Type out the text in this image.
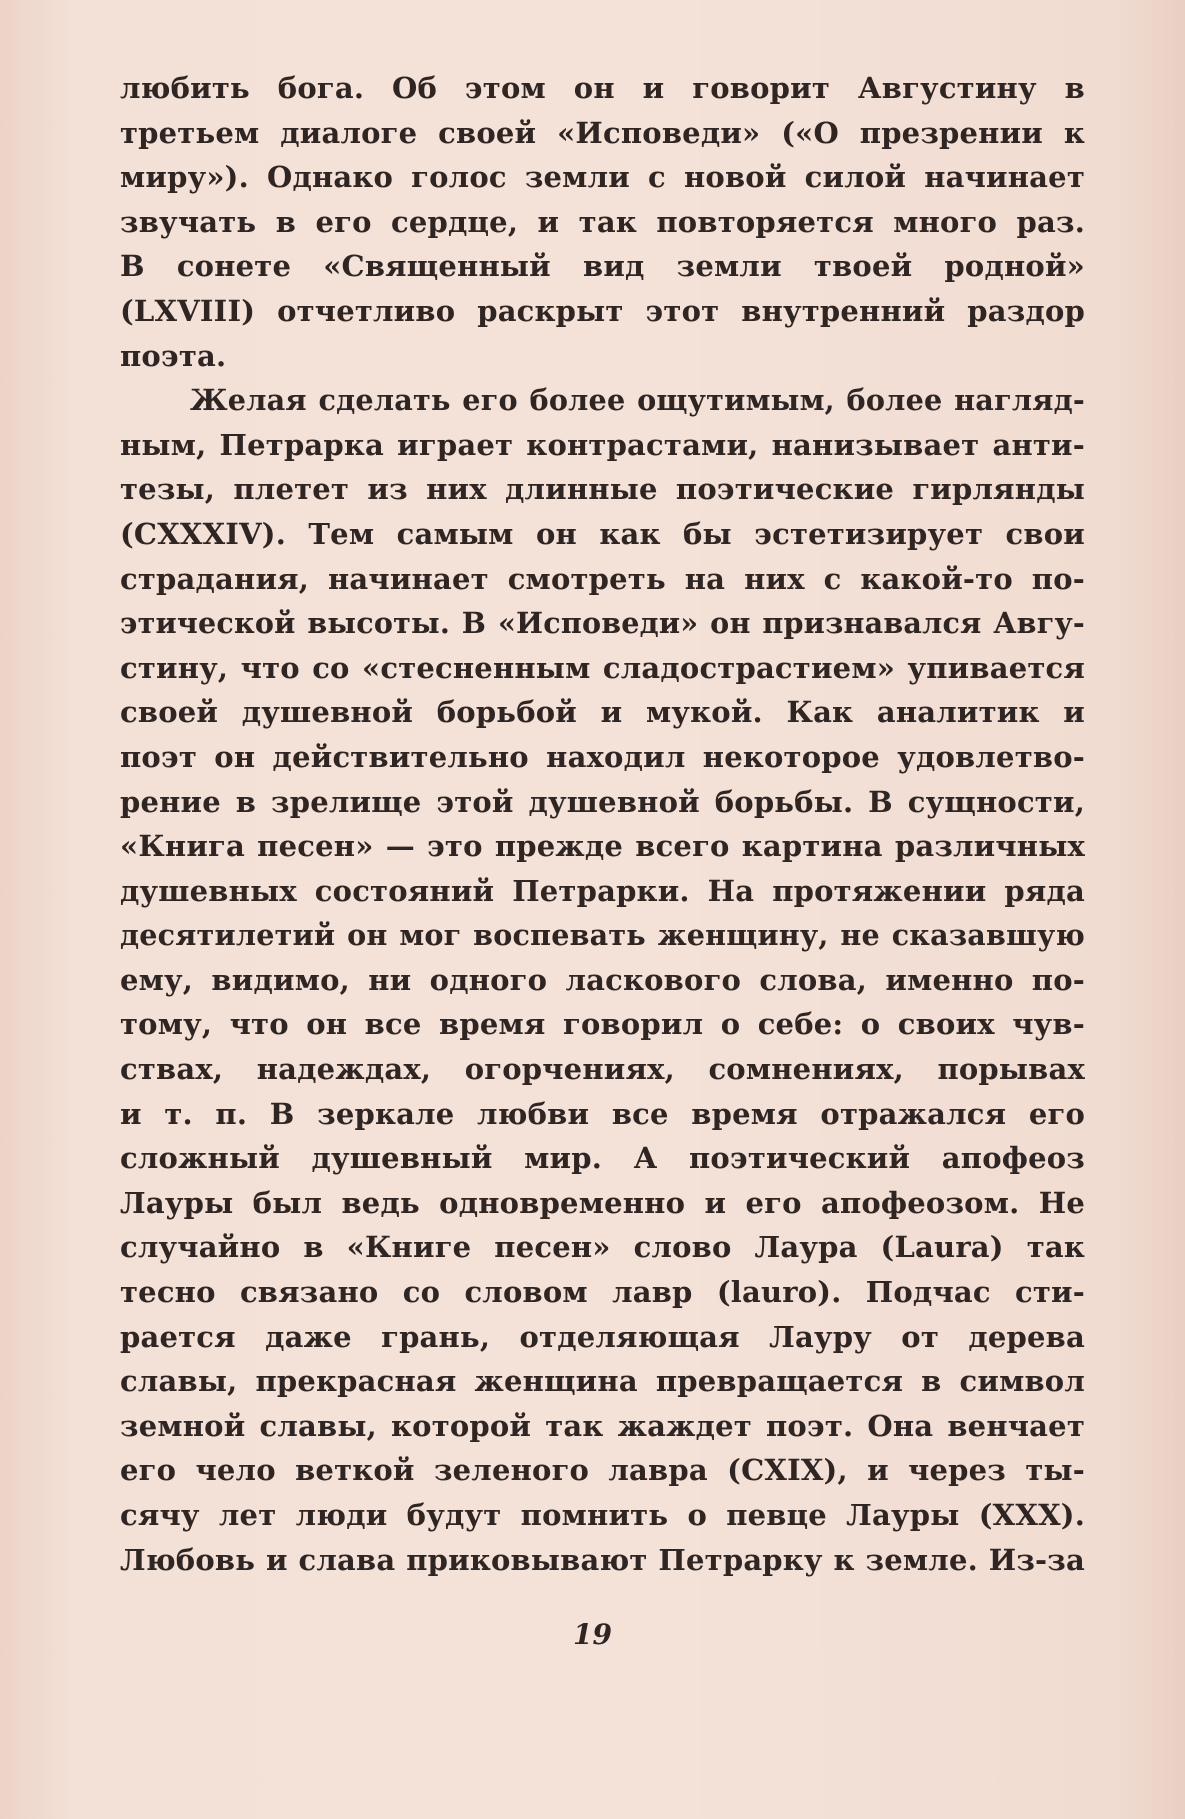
любить бога. Об этом он и говорит Августину в
третьем диалоге своей «Исповеди» («О презрении к
миру»). Однако голос земли с новой силой начинает
звучать в его сердце, и так повторяется много раз.
В сонете «Священный вид земли твоей родной»
(LXVIII) отчетливо раскрыт этот внутренний раздор
поэта.
Желая сделать его более ощутимым, более нагляд-
ным, Петрарка играет контрастами, нанизывает анти-
тезы, плетет из них длинные поэтические гирлянды
(CXXXIV). Тем самым он как бы эстетизирует свои
страдания, начинает смотреть на них с какой-то по-
этической высоты. В «Исповеди» он признавался Авгу-
стину, что со «стесненным сладострастием» упивается
своей душевной борьбой и мукой. Как аналитик и
поэт он действительно находил некоторое удовлетво-
рение в зрелище этой душевной борьбы. В сущности,
«Книга песен» — это прежде всего картина различных
душевных состояний Петрарки. На протяжении ряда
десятилетий он мог воспевать женщину, не сказавшую
ему, видимо, ни одного ласкового слова, именно по-
тому, что он все время говорил о себе: о своих чув-
ствах, надеждах, огорчениях, сомнениях, порывах
и т. п. В зеркале любви все время отражался его
сложный душевный мир. А поэтический апофеоз
Лауры был ведь одновременно и его апофеозом. Не
случайно в «Книге песен» слово Лаура (Laura) так
тесно связано со словом лавр (lauro). Подчас сти-
рается даже грань, отделяющая Лауру от дерева
славы, прекрасная женщина превращается в символ
земной славы, которой так жаждет поэт. Она венчает
его чело веткой зеленого лавра (CXIX), и через ты-
сячу лет люди будут помнить о певце Лауры (XXX).
Любовь и слава приковывают Петрарку к земле. Из-за
19
